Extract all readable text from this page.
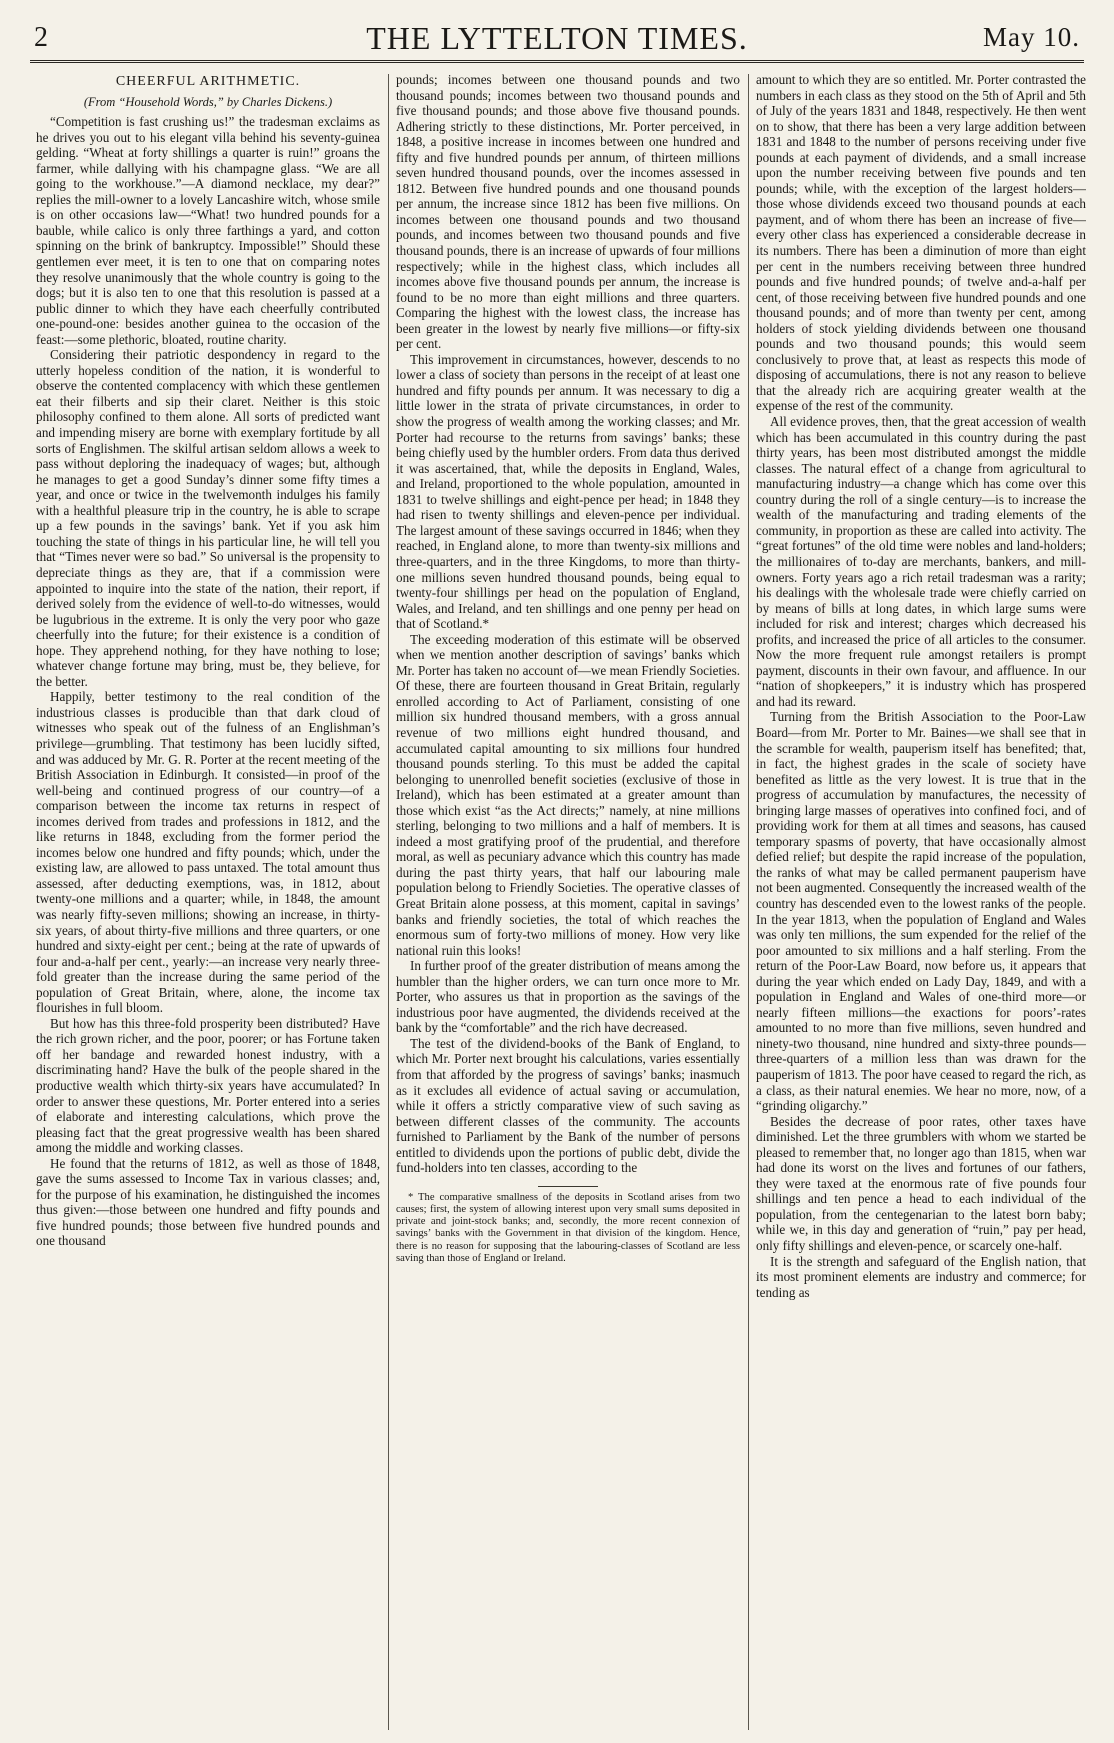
2	THE LYTTELTON TIMES.	May 10.
CHEERFUL ARITHMETIC.
(From “Household Words,” by Charles Dickens.)

“Competition is fast crushing us!” the tradesman exclaims as he drives you out to his elegant villa behind his seventy-guinea gelding. “Wheat at forty shillings a quarter is ruin!” groans the farmer, while dallying with his champagne glass. “We are all going to the workhouse.”—A diamond necklace, my dear?” replies the mill-owner to a lovely Lancashire witch, whose smile is on other occasions law—“What! two hundred pounds for a bauble, while calico is only three farthings a yard, and cotton spinning on the brink of bankruptcy. Impossible!” Should these gentlemen ever meet, it is ten to one that on comparing notes they resolve unanimously that the whole country is going to the dogs; but it is also ten to one that this resolution is passed at a public dinner to which they have each cheerfully contributed one-pound-one: besides another guinea to the occasion of the feast:—some plethoric, bloated, routine charity.

Considering their patriotic despondency in regard to the utterly hopeless condition of the nation, it is wonderful to observe the contented complacency with which these gentlemen eat their filberts and sip their claret. Neither is this stoic philosophy confined to them alone. All sorts of predicted want and impending misery are borne with exemplary fortitude by all sorts of Englishmen. The skilful artisan seldom allows a week to pass without deploring the inadequacy of wages; but, although he manages to get a good Sunday’s dinner some fifty times a year, and once or twice in the twelvemonth indulges his family with a healthful pleasure trip in the country, he is able to scrape up a few pounds in the savings’ bank. Yet if you ask him touching the state of things in his particular line, he will tell you that “Times never were so bad.” So universal is the propensity to depreciate things as they are, that if a commission were appointed to inquire into the state of the nation, their report, if derived solely from the evidence of well-to-do witnesses, would be lugubrious in the extreme. It is only the very poor who gaze cheerfully into the future; for their existence is a condition of hope. They apprehend nothing, for they have nothing to lose; whatever change fortune may bring, must be, they believe, for the better.

Happily, better testimony to the real condition of the industrious classes is producible than that dark cloud of witnesses who speak out of the fulness of an Englishman’s privilege—grumbling. That testimony has been lucidly sifted, and was adduced by Mr. G. R. Porter at the recent meeting of the British Association in Edinburgh. It consisted—in proof of the well-being and continued progress of our country—of a comparison between the income tax returns in respect of incomes derived from trades and professions in 1812, and the like returns in 1848, excluding from the former period the incomes below one hundred and fifty pounds; which, under the existing law, are allowed to pass untaxed. The total amount thus assessed, after deducting exemptions, was, in 1812, about twenty-one millions and a quarter; while, in 1848, the amount was nearly fifty-seven millions; showing an increase, in thirty-six years, of about thirty-five millions and three quarters, or one hundred and sixty-eight per cent.; being at the rate of upwards of four and-a-half per cent., yearly:—an increase very nearly three-fold greater than the increase during the same period of the population of Great Britain, where, alone, the income tax flourishes in full bloom.

But how has this three-fold prosperity been distributed? Have the rich grown richer, and the poor, poorer; or has Fortune taken off her bandage and rewarded honest industry, with a discriminating hand? Have the bulk of the people shared in the productive wealth which thirty-six years have accumulated? In order to answer these questions, Mr. Porter entered into a series of elaborate and interesting calculations, which prove the pleasing fact that the great progressive wealth has been shared among the middle and working classes.

He found that the returns of 1812, as well as those of 1848, gave the sums assessed to Income Tax in various classes; and, for the purpose of his examination, he distinguished the incomes thus given:—those between one hundred and fifty pounds and five hundred pounds; those between five hundred pounds and one thousand

pounds; incomes between one thousand pounds and two thousand pounds; incomes between two thousand pounds and five thousand pounds; and those above five thousand pounds. Adhering strictly to these distinctions, Mr. Porter perceived, in 1848, a positive increase in incomes between one hundred and fifty and five hundred pounds per annum, of thirteen millions seven hundred thousand pounds, over the incomes assessed in 1812. Between five hundred pounds and one thousand pounds per annum, the increase since 1812 has been five millions. On incomes between one thousand pounds and two thousand pounds, and incomes between two thousand pounds and five thousand pounds, there is an increase of upwards of four millions respectively; while in the highest class, which includes all incomes above five thousand pounds per annum, the increase is found to be no more than eight millions and three quarters. Comparing the highest with the lowest class, the increase has been greater in the lowest by nearly five millions—or fifty-six per cent.

This improvement in circumstances, however, descends to no lower a class of society than persons in the receipt of at least one hundred and fifty pounds per annum. It was necessary to dig a little lower in the strata of private circumstances, in order to show the progress of wealth among the working classes; and Mr. Porter had recourse to the returns from savings’ banks; these being chiefly used by the humbler orders. From data thus derived it was ascertained, that, while the deposits in England, Wales, and Ireland, proportioned to the whole population, amounted in 1831 to twelve shillings and eight-pence per head; in 1848 they had risen to twenty shillings and eleven-pence per individual. The largest amount of these savings occurred in 1846; when they reached, in England alone, to more than twenty-six millions and three-quarters, and in the three Kingdoms, to more than thirty-one millions seven hundred thousand pounds, being equal to twenty-four shillings per head on the population of England, Wales, and Ireland, and ten shillings and one penny per head on that of Scotland.*

The exceeding moderation of this estimate will be observed when we mention another description of savings’ banks which Mr. Porter has taken no account of—we mean Friendly Societies. Of these, there are fourteen thousand in Great Britain, regularly enrolled according to Act of Parliament, consisting of one million six hundred thousand members, with a gross annual revenue of two millions eight hundred thousand, and accumulated capital amounting to six millions four hundred thousand pounds sterling. To this must be added the capital belonging to unenrolled benefit societies (exclusive of those in Ireland), which has been estimated at a greater amount than those which exist “as the Act directs;” namely, at nine millions sterling, belonging to two millions and a half of members. It is indeed a most gratifying proof of the prudential, and therefore moral, as well as pecuniary advance which this country has made during the past thirty years, that half our labouring male population belong to Friendly Societies. The operative classes of Great Britain alone possess, at this moment, capital in savings’ banks and friendly societies, the total of which reaches the enormous sum of forty-two millions of money. How very like national ruin this looks!

In further proof of the greater distribution of means among the humbler than the higher orders, we can turn once more to Mr. Porter, who assures us that in proportion as the savings of the industrious poor have augmented, the dividends received at the bank by the “comfortable” and the rich have decreased.

The test of the dividend-books of the Bank of England, to which Mr. Porter next brought his calculations, varies essentially from that afforded by the progress of savings’ banks; inasmuch as it excludes all evidence of actual saving or accumulation, while it offers a strictly comparative view of such saving as between different classes of the community. The accounts furnished to Parliament by the Bank of the number of persons entitled to dividends upon the portions of public debt, divide the fund-holders into ten classes, according to the

* The comparative smallness of the deposits in Scotland arises from two causes; first, the system of allowing interest upon very small sums deposited in private and joint-stock banks; and, secondly, the more recent connexion of savings’ banks with the Government in that division of the kingdom. Hence, there is no reason for supposing that the labouring-classes of Scotland are less saving than those of England or Ireland.

amount to which they are so entitled. Mr. Porter contrasted the numbers in each class as they stood on the 5th of April and 5th of July of the years 1831 and 1848, respectively. He then went on to show, that there has been a very large addition between 1831 and 1848 to the number of persons receiving under five pounds at each payment of dividends, and a small increase upon the number receiving between five pounds and ten pounds; while, with the exception of the largest holders—those whose dividends exceed two thousand pounds at each payment, and of whom there has been an increase of five—every other class has experienced a considerable decrease in its numbers. There has been a diminution of more than eight per cent in the numbers receiving between three hundred pounds and five hundred pounds; of twelve and-a-half per cent, of those receiving between five hundred pounds and one thousand pounds; and of more than twenty per cent, among holders of stock yielding dividends between one thousand pounds and two thousand pounds; this would seem conclusively to prove that, at least as respects this mode of disposing of accumulations, there is not any reason to believe that the already rich are acquiring greater wealth at the expense of the rest of the community.

All evidence proves, then, that the great accession of wealth which has been accumulated in this country during the past thirty years, has been most distributed amongst the middle classes. The natural effect of a change from agricultural to manufacturing industry—a change which has come over this country during the roll of a single century—is to increase the wealth of the manufacturing and trading elements of the community, in proportion as these are called into activity. The “great fortunes” of the old time were nobles and land-holders; the millionaires of to-day are merchants, bankers, and mill-owners. Forty years ago a rich retail tradesman was a rarity; his dealings with the wholesale trade were chiefly carried on by means of bills at long dates, in which large sums were included for risk and interest; charges which decreased his profits, and increased the price of all articles to the consumer. Now the more frequent rule amongst retailers is prompt payment, discounts in their own favour, and affluence. In our “nation of shopkeepers,” it is industry which has prospered and had its reward.

Turning from the British Association to the Poor-Law Board—from Mr. Porter to Mr. Baines—we shall see that in the scramble for wealth, pauperism itself has benefited; that, in fact, the highest grades in the scale of society have benefited as little as the very lowest. It is true that in the progress of accumulation by manufactures, the necessity of bringing large masses of operatives into confined foci, and of providing work for them at all times and seasons, has caused temporary spasms of poverty, that have occasionally almost defied relief; but despite the rapid increase of the population, the ranks of what may be called permanent pauperism have not been augmented. Consequently the increased wealth of the country has descended even to the lowest ranks of the people. In the year 1813, when the population of England and Wales was only ten millions, the sum expended for the relief of the poor amounted to six millions and a half sterling. From the return of the Poor-Law Board, now before us, it appears that during the year which ended on Lady Day, 1849, and with a population in England and Wales of one-third more—or nearly fifteen millions—the exactions for poors’-rates amounted to no more than five millions, seven hundred and ninety-two thousand, nine hundred and sixty-three pounds—three-quarters of a million less than was drawn for the pauperism of 1813. The poor have ceased to regard the rich, as a class, as their natural enemies. We hear no more, now, of a “grinding oligarchy.”

Besides the decrease of poor rates, other taxes have diminished. Let the three grumblers with whom we started be pleased to remember that, no longer ago than 1815, when war had done its worst on the lives and fortunes of our fathers, they were taxed at the enormous rate of five pounds four shillings and ten pence a head to each individual of the population, from the centegenarian to the latest born baby; while we, in this day and generation of “ruin,” pay per head, only fifty shillings and eleven-pence, or scarcely one-half.

It is the strength and safeguard of the English nation, that its most prominent elements are industry and commerce; for tending as
